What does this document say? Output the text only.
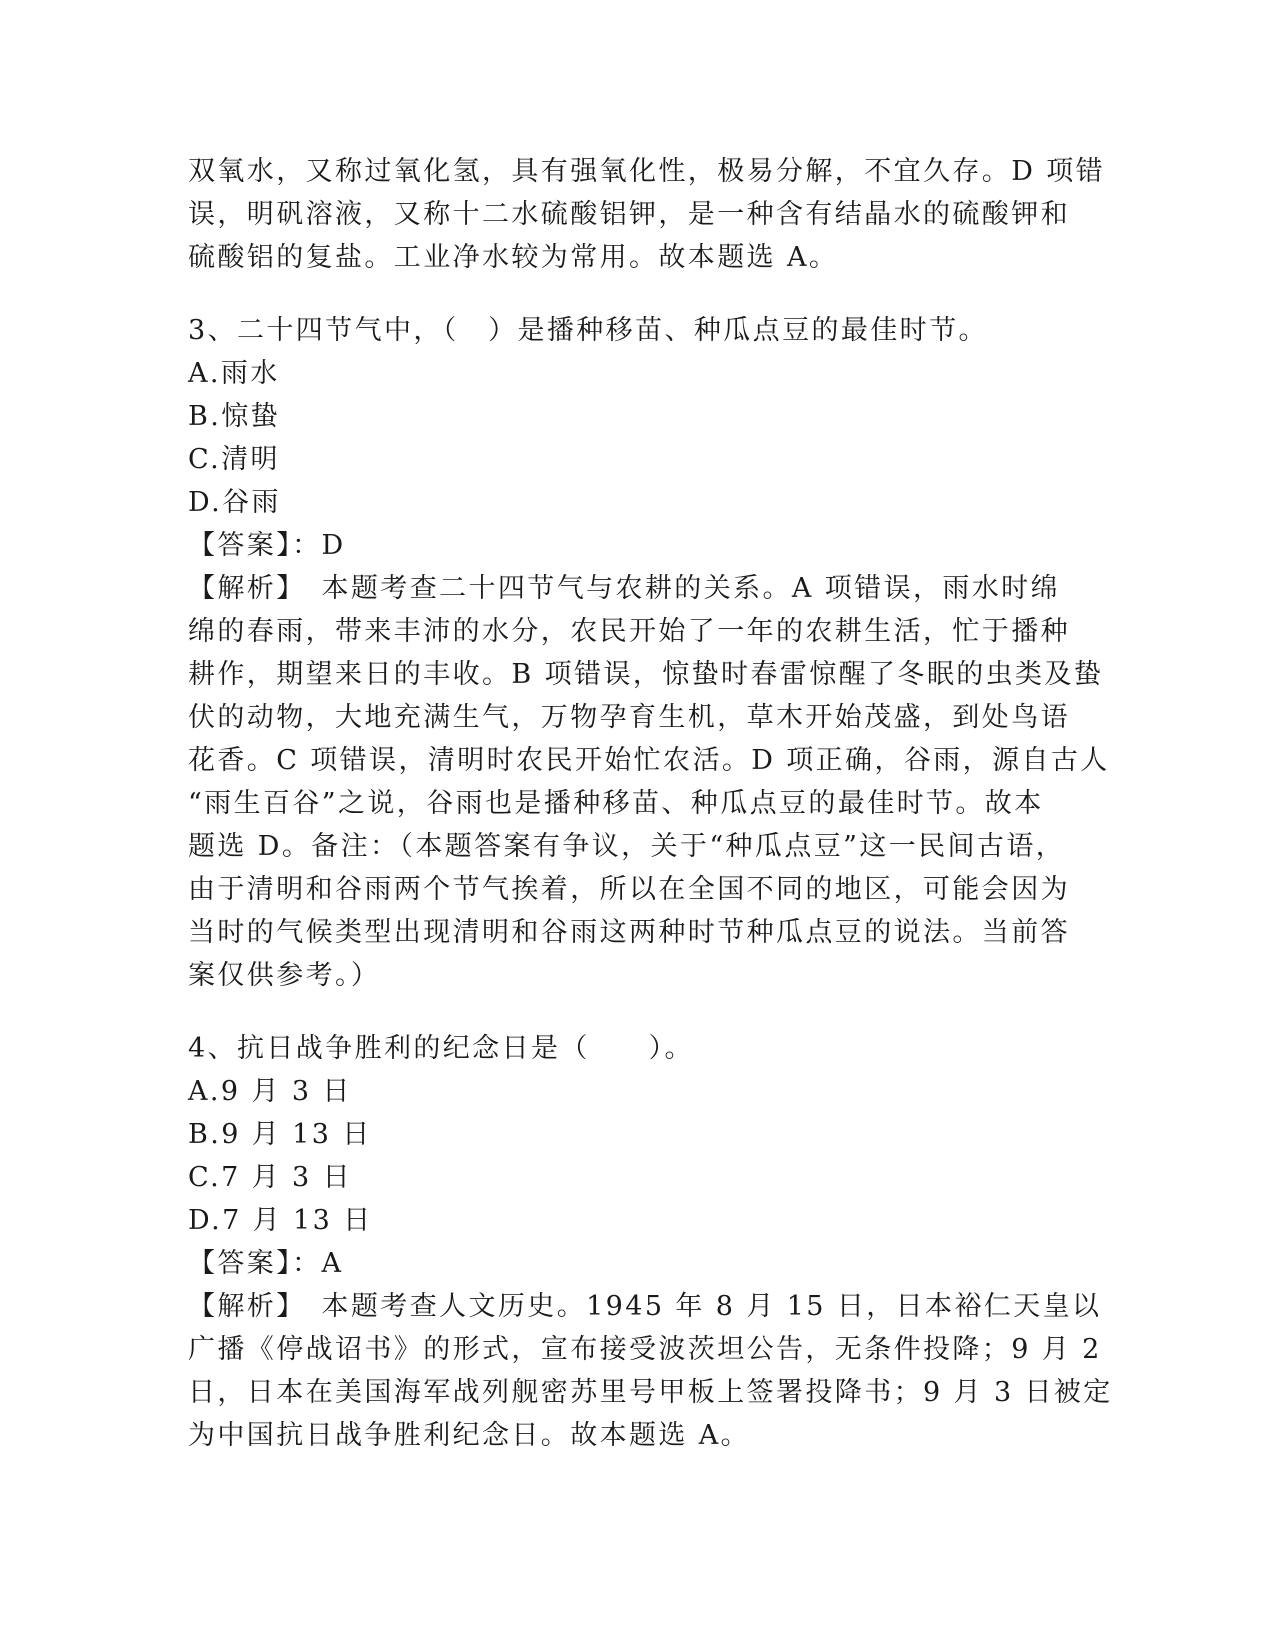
双氧水，又称过氧化氢，具有强氧化性，极易分解，不宜久存。D 项错
误，明矾溶液，又称十二水硫酸铝钾，是一种含有结晶水的硫酸钾和
硫酸铝的复盐。工业净水较为常用。故本题选 A。
3、二十四节气中，（　）是播种移苗、种瓜点豆的最佳时节。
A.雨水
B.惊蛰
C.清明
D.谷雨
【答案】：D
【解析】　本题考查二十四节气与农耕的关系。A 项错误，雨水时绵
绵的春雨，带来丰沛的水分，农民开始了一年的农耕生活，忙于播种
耕作，期望来日的丰收。B 项错误，惊蛰时春雷惊醒了冬眠的虫类及蛰
伏的动物，大地充满生气，万物孕育生机，草木开始茂盛，到处鸟语
花香。C 项错误，清明时农民开始忙农活。D 项正确，谷雨，源自古人
“雨生百谷”之说，谷雨也是播种移苗、种瓜点豆的最佳时节。故本
题选 D。备注：（本题答案有争议，关于“种瓜点豆”这一民间古语，
由于清明和谷雨两个节气挨着，所以在全国不同的地区，可能会因为
当时的气候类型出现清明和谷雨这两种时节种瓜点豆的说法。当前答
案仅供参考。）
4、抗日战争胜利的纪念日是（　　）。
A.9 月 3 日
B.9 月 13 日
C.7 月 3 日
D.7 月 13 日
【答案】：A
【解析】　本题考查人文历史。1945 年 8 月 15 日，日本裕仁天皇以
广播《停战诏书》的形式，宣布接受波茨坦公告，无条件投降；9 月 2
日，日本在美国海军战列舰密苏里号甲板上签署投降书；9 月 3 日被定
为中国抗日战争胜利纪念日。故本题选 A。
